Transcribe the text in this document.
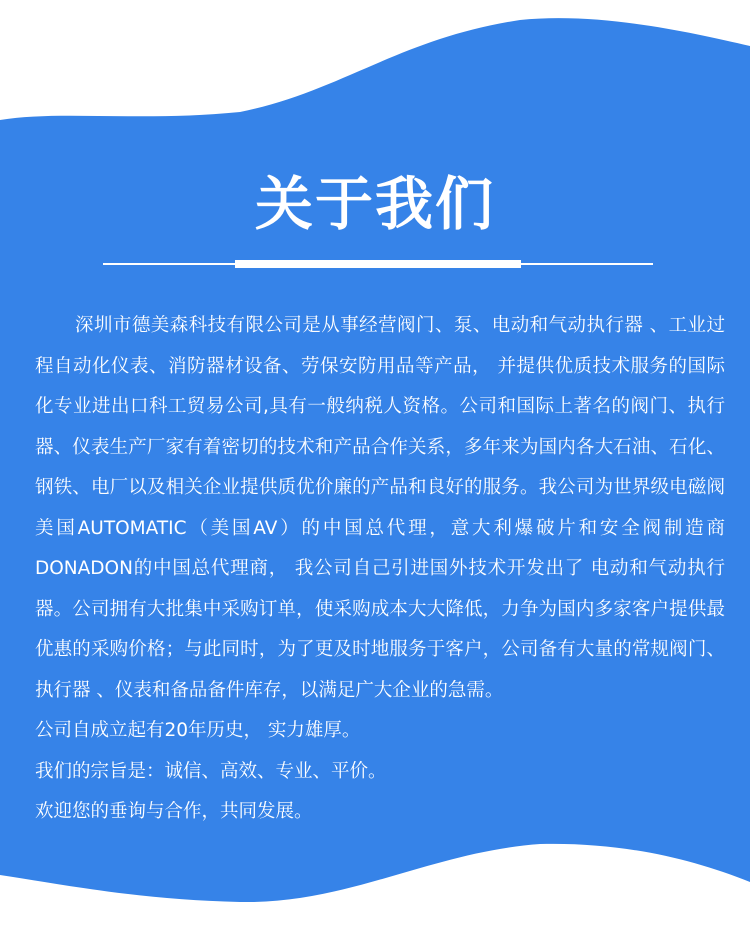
关于我们

深圳市德美森科技有限公司是从事经营阀门、泵、电动和气动执行器 、工业过程自动化仪表、消防器材设备、劳保安防用品等产品， 并提供优质技术服务的国际化专业进出口科工贸易公司,具有一般纳税人资格。公司和国际上著名的阀门、执行器、仪表生产厂家有着密切的技术和产品合作关系，多年来为国内各大石油、石化、钢铁、电厂以及相关企业提供质优价廉的产品和良好的服务。我公司为世界级电磁阀美国AUTOMATIC（美国AV）的中国总代理，意大利爆破片和安全阀制造商DONADON的中国总代理商， 我公司自己引进国外技术开发出了 电动和气动执行器。公司拥有大批集中采购订单，使采购成本大大降低，力争为国内多家客户提供最优惠的采购价格；与此同时，为了更及时地服务于客户，公司备有大量的常规阀门、执行器 、仪表和备品备件库存，以满足广大企业的急需。

公司自成立起有20年历史， 实力雄厚。

我们的宗旨是：诚信、高效、专业、平价。

欢迎您的垂询与合作，共同发展。
